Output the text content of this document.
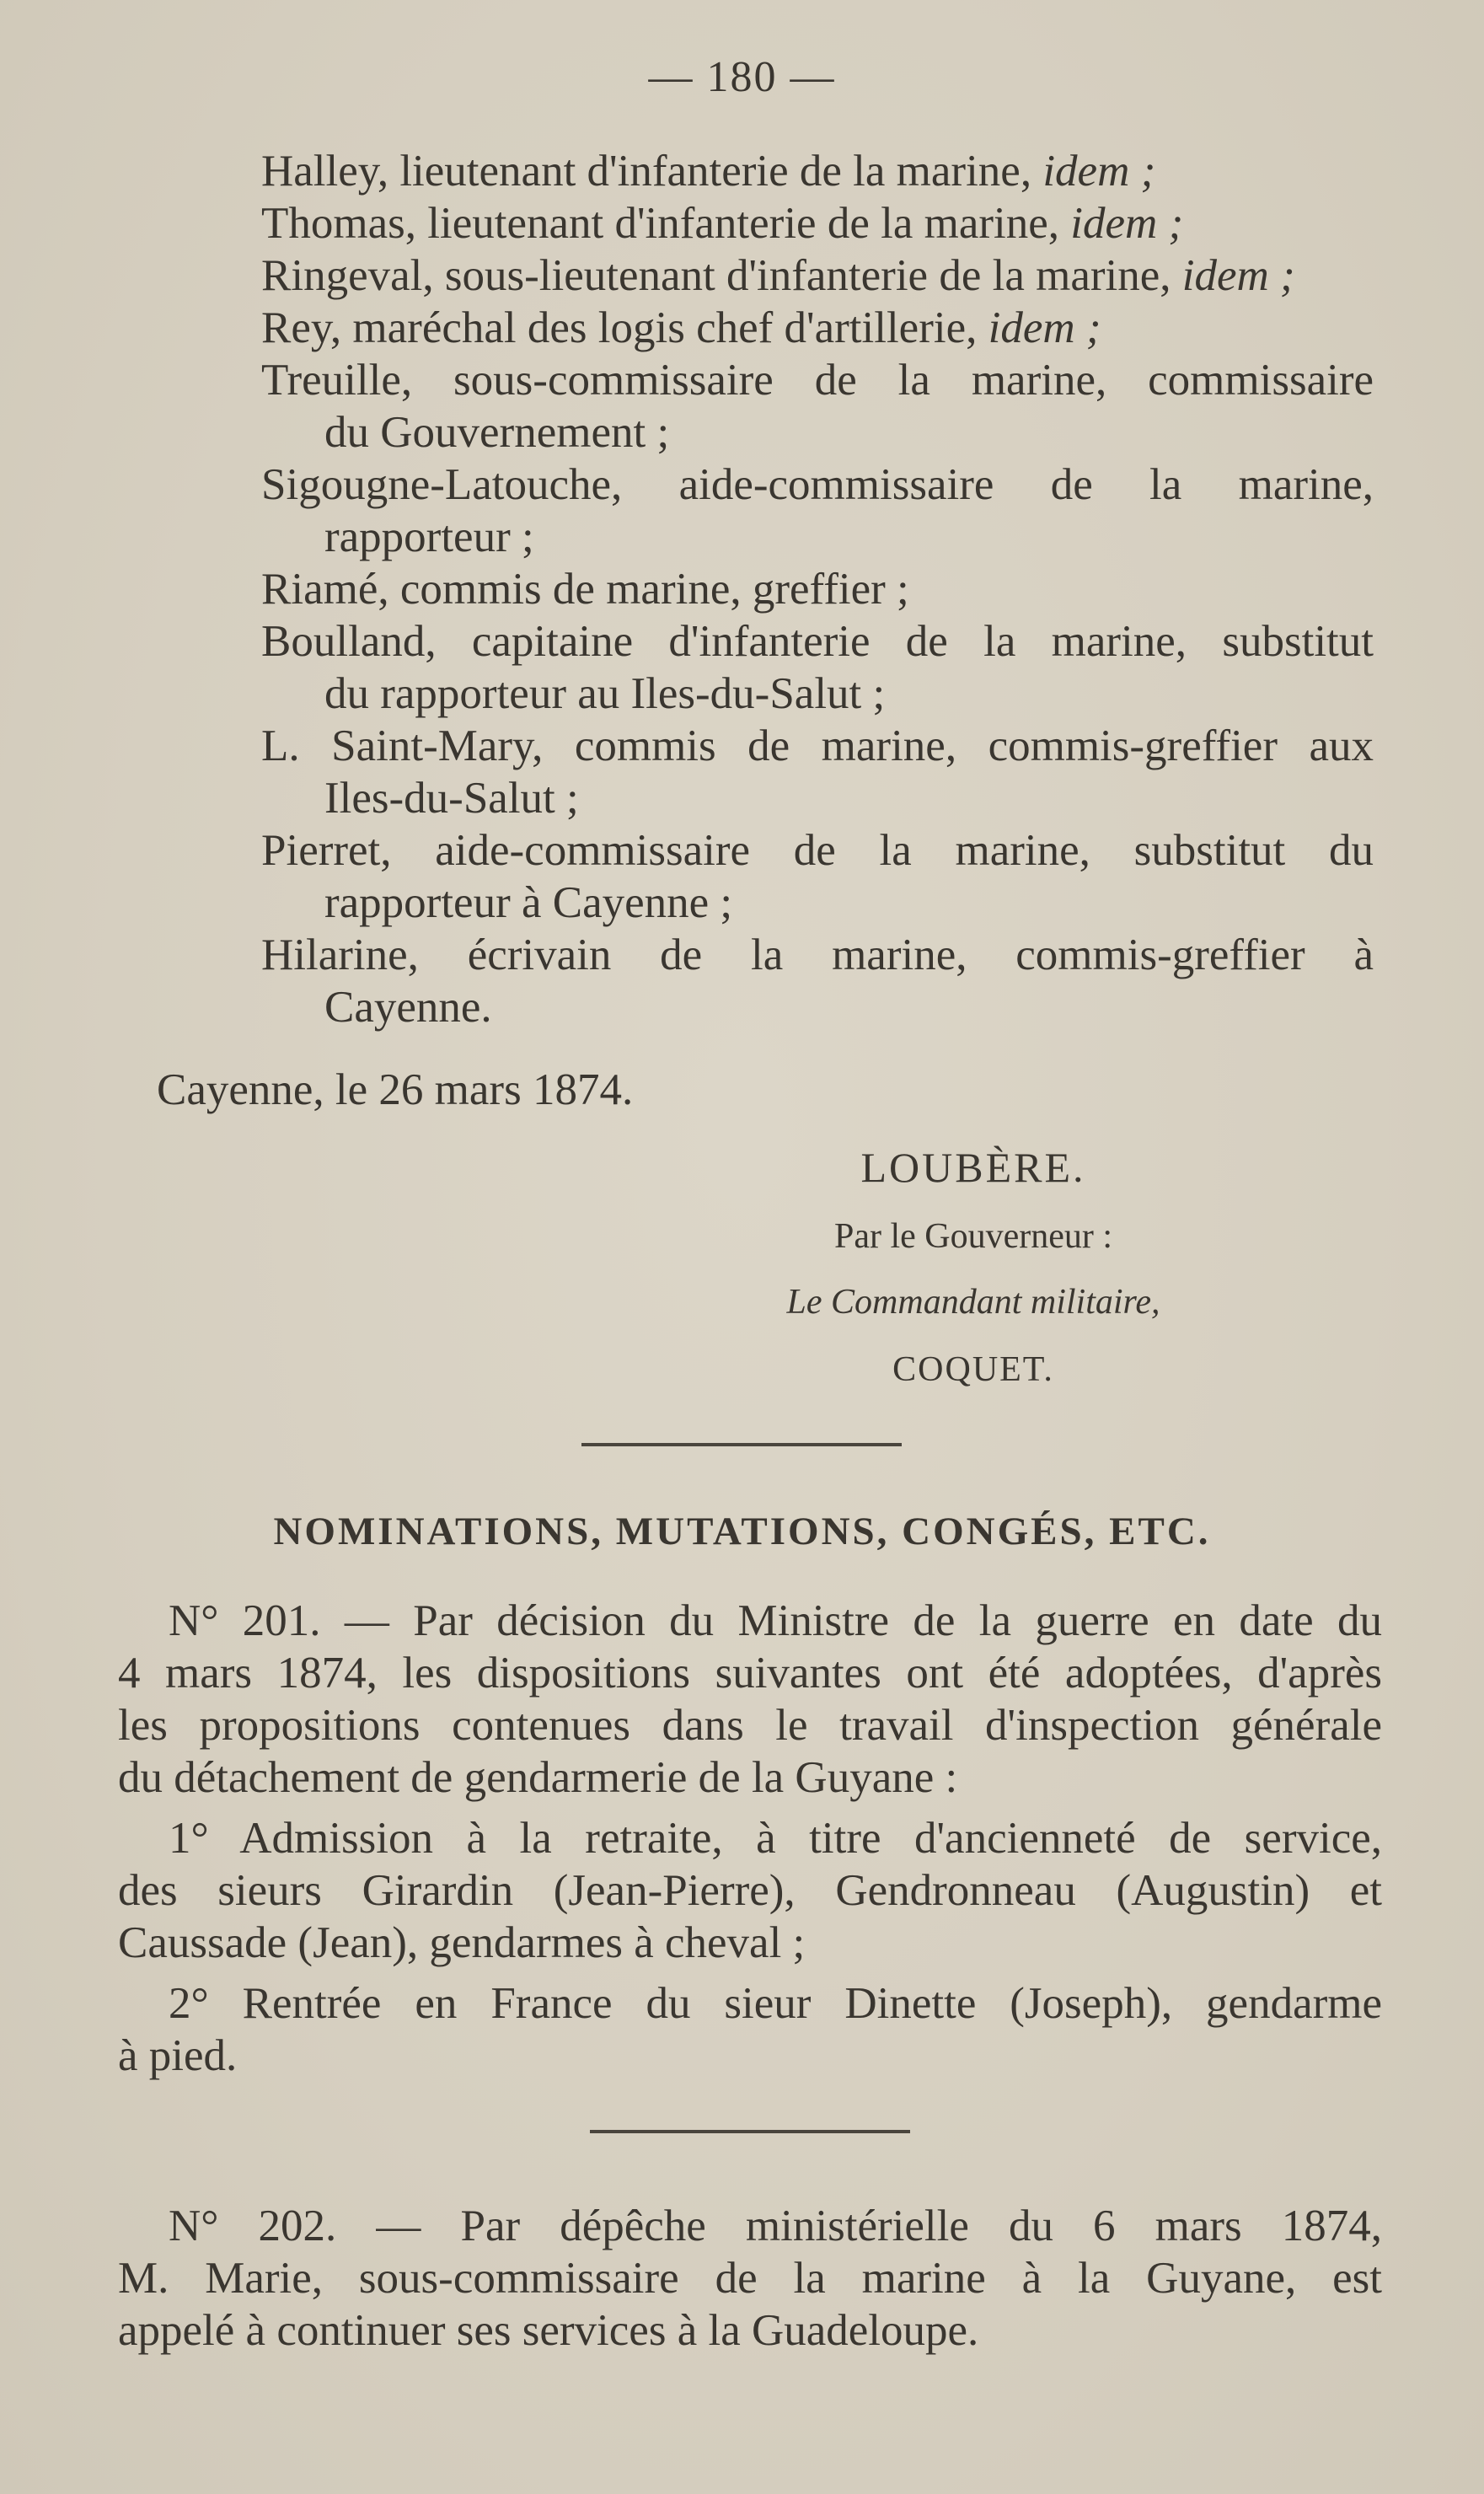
— 180 —
Halley, lieutenant d'infanterie de la marine, idem ;
Thomas, lieutenant d'infanterie de la marine, idem ;
Ringeval, sous-lieutenant d'infanterie de la marine, idem ;
Rey, maréchal des logis chef d'artillerie, idem ;
Treuille, sous-commissaire de la marine, commissaire
du Gouvernement ;
Sigougne-Latouche, aide-commissaire de la marine,
rapporteur ;
Riamé, commis de marine, greffier ;
Boulland, capitaine d'infanterie de la marine, substitut
du rapporteur au Iles-du-Salut ;
L. Saint-Mary, commis de marine, commis-greffier aux
Iles-du-Salut ;
Pierret, aide-commissaire de la marine, substitut du
rapporteur à Cayenne ;
Hilarine, écrivain de la marine, commis-greffier à
Cayenne.
Cayenne, le 26 mars 1874.
LOUBÈRE.
Par le Gouverneur :
Le Commandant militaire,
COQUET.
NOMINATIONS, MUTATIONS, CONGÉS, ETC.
N° 201. — Par décision du Ministre de la guerre en date du
4 mars 1874, les dispositions suivantes ont été adoptées, d'après
les propositions contenues dans le travail d'inspection générale
du détachement de gendarmerie de la Guyane :
1° Admission à la retraite, à titre d'ancienneté de service,
des sieurs Girardin (Jean-Pierre), Gendronneau (Augustin) et
Caussade (Jean), gendarmes à cheval ;
2° Rentrée en France du sieur Dinette (Joseph), gendarme
à pied.
N° 202. — Par dépêche ministérielle du 6 mars 1874,
M. Marie, sous-commissaire de la marine à la Guyane, est
appelé à continuer ses services à la Guadeloupe.
